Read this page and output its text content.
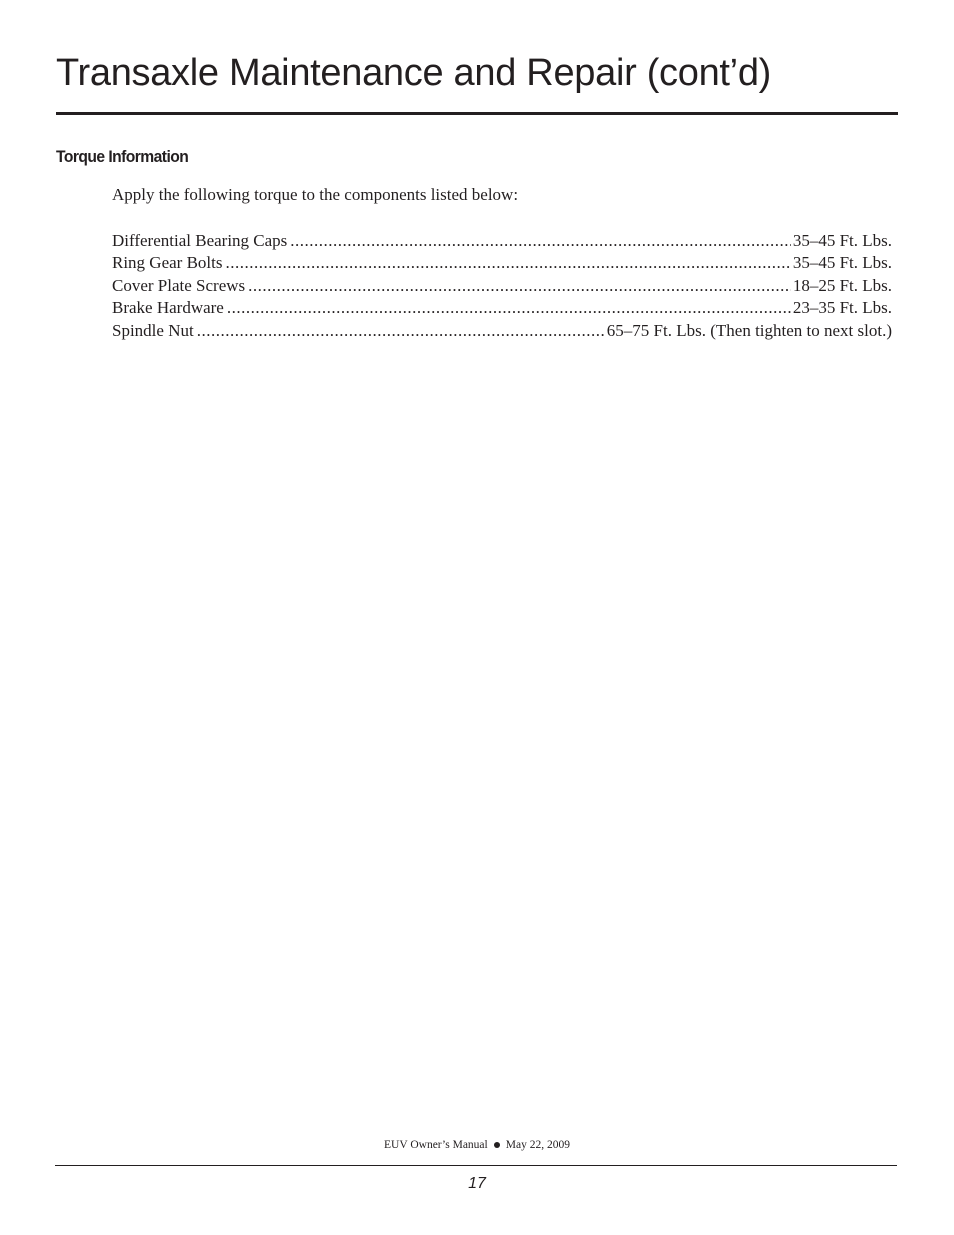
Transaxle Maintenance and Repair (cont’d)
Torque Information
Apply the following torque to the components listed below:
Differential Bearing Caps .....	35–45 Ft. Lbs.
Ring Gear Bolts .....	35–45 Ft. Lbs.
Cover Plate Screws .....	18–25 Ft. Lbs.
Brake Hardware .....	23–35 Ft. Lbs.
Spindle Nut .....	65–75 Ft. Lbs. (Then tighten to next slot.)
EUV Owner’s Manual May 22, 2009
17
